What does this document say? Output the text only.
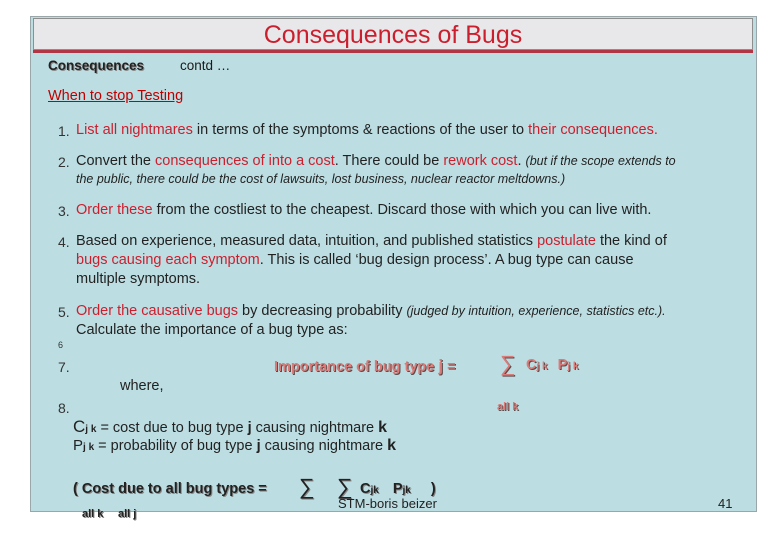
Consequences of Bugs
Consequences	contd …
When to stop Testing
1. List all nightmares in terms of the symptoms & reactions of the user to their consequences.
2. Convert the consequences of into a cost. There could be rework cost. (but if the scope extends to
the public, there could be the cost of lawsuits, lost business, nuclear reactor meltdowns.)
3. Order these from the costliest to the cheapest. Discard those with which you can live with.
4. Based on experience, measured data, intuition, and published statistics postulate the kind of
bugs causing each symptom. This is called ‘bug design process’. A bug type can cause
multiple symptoms.
5. Order the causative bugs by decreasing probability (judged by intuition, experience, statistics etc.).
Calculate the importance of a bug type as:
6
7.	Importance of bug type j = ∑ Cj k Pj k
where,
8.	all k
Cj k = cost due to bug type j causing nightmare k
Pj k = probability of bug type j causing nightmare k
( Cost due to all bug types = ∑ ∑ Cjk Pjk )
all k all j
STM-boris beizer	41
